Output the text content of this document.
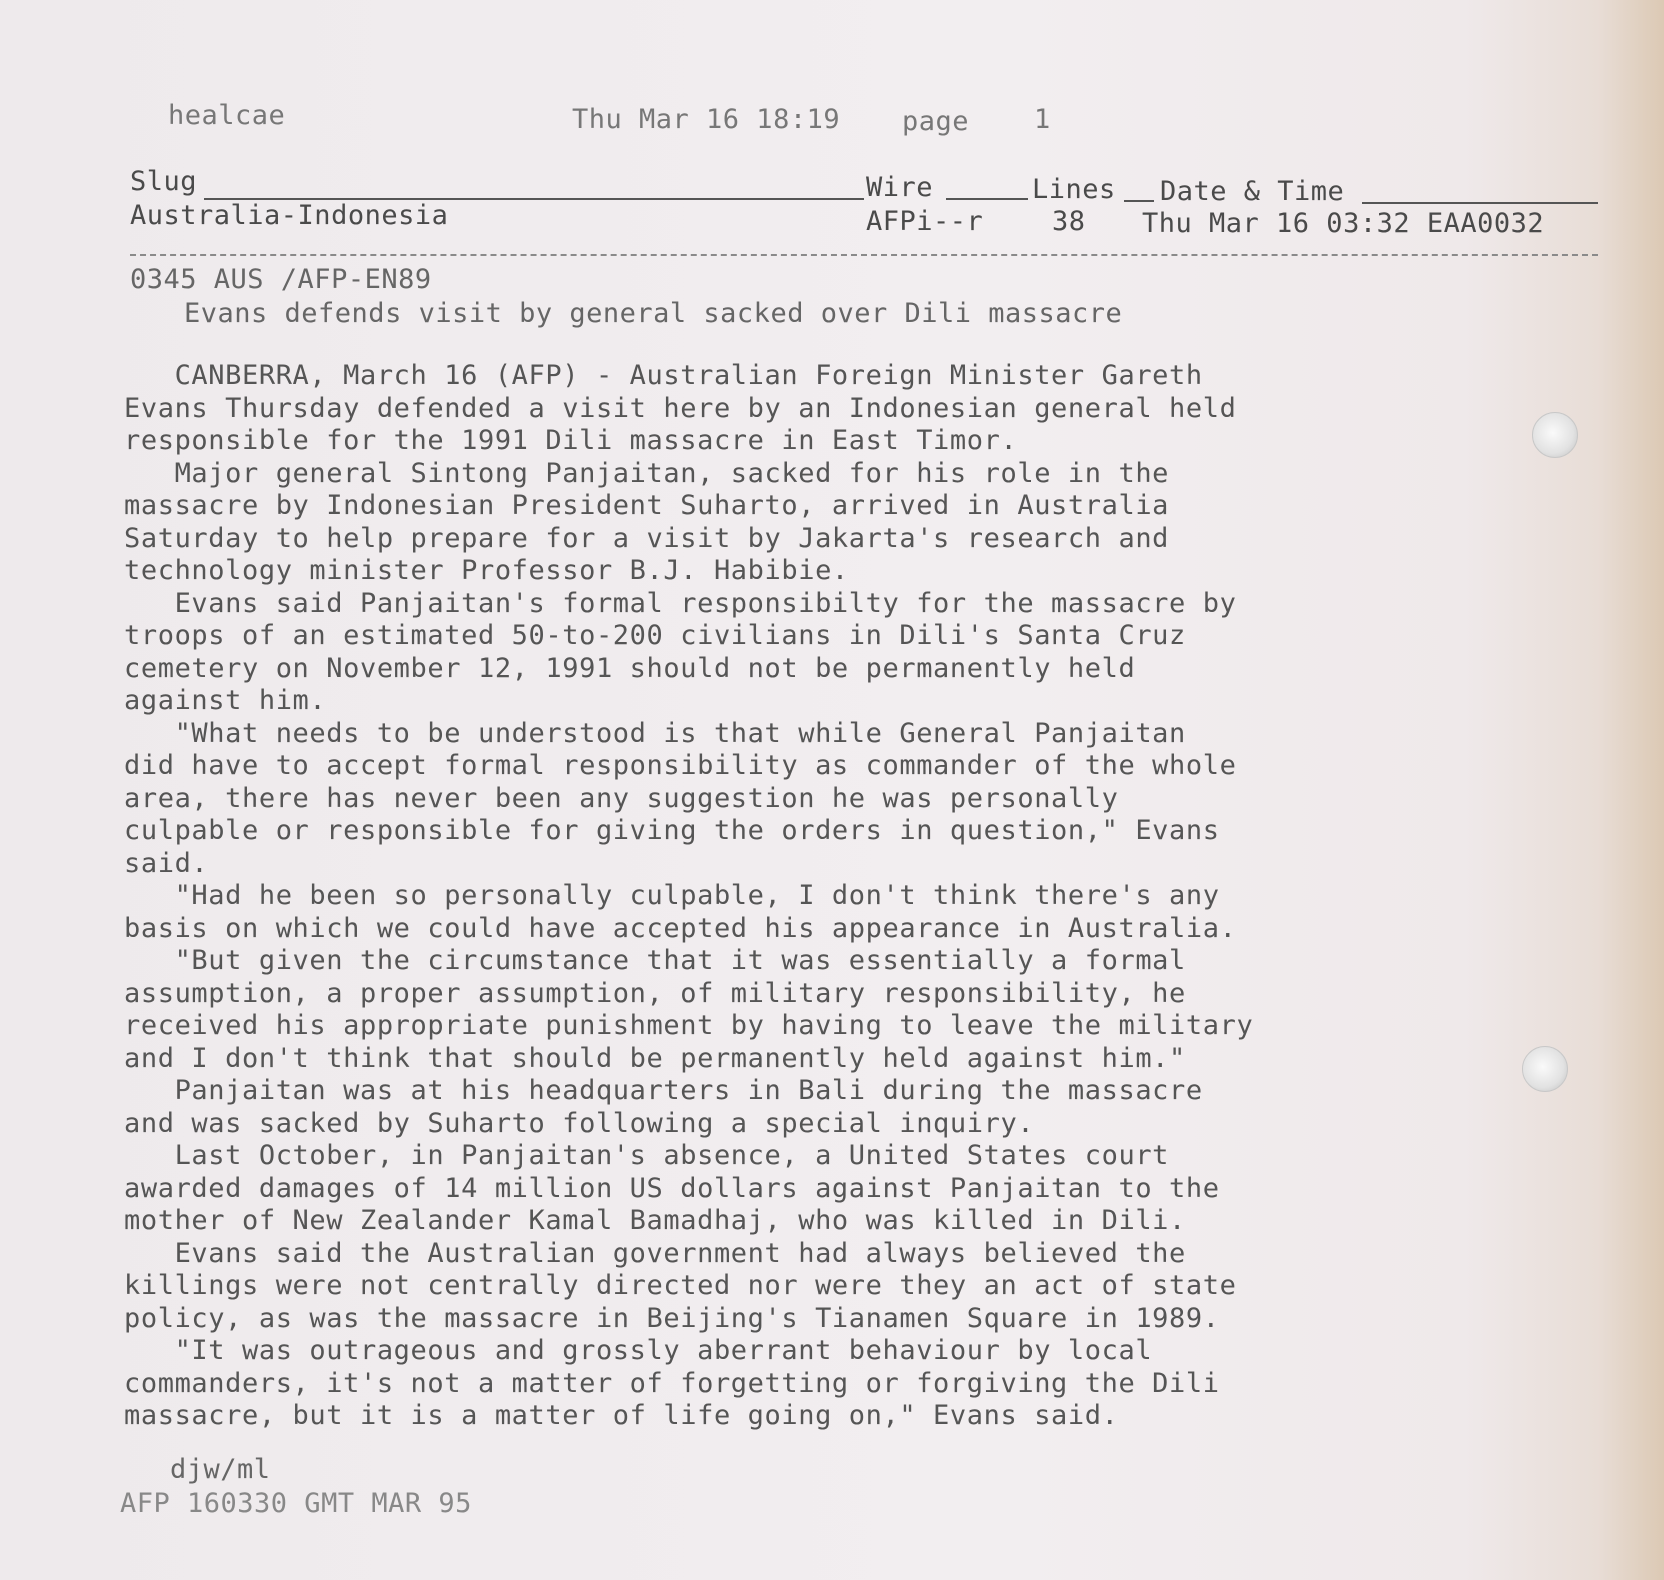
healcae	Thu Mar 16 18:19 page 1
Slug	Wire	Lines Date & Time
Australia-Indonesia	AFPi--r	38 Thu Mar 16 03:32 EAA0032
0345 AUS /AFP-EN89
Evans defends visit by general sacked over Dili massacre
CANBERRA, March 16 (AFP) - Australian Foreign Minister Gareth
Evans Thursday defended a visit here by an Indonesian general held
responsible for the 1991 Dili massacre in East Timor.
Major general Sintong Panjaitan, sacked for his role in the
massacre by Indonesian President Suharto, arrived in Australia
Saturday to help prepare for a visit by Jakarta's research and
technology minister Professor B.J. Habibie.
Evans said Panjaitan's formal responsibilty for the massacre by
troops of an estimated 50-to-200 civilians in Dili's Santa Cruz
cemetery on November 12, 1991 should not be permanently held
against him.
"What needs to be understood is that while General Panjaitan
did have to accept formal responsibility as commander of the whole
area, there has never been any suggestion he was personally
culpable or responsible for giving the orders in question," Evans
said.
"Had he been so personally culpable, I don't think there's any
basis on which we could have accepted his appearance in Australia.
"But given the circumstance that it was essentially a formal
assumption, a proper assumption, of military responsibility, he
received his appropriate punishment by having to leave the military
and I don't think that should be permanently held against him."
Panjaitan was at his headquarters in Bali during the massacre
and was sacked by Suharto following a special inquiry.
Last October, in Panjaitan's absence, a United States court
awarded damages of 14 million US dollars against Panjaitan to the
mother of New Zealander Kamal Bamadhaj, who was killed in Dili.
Evans said the Australian government had always believed the
killings were not centrally directed nor were they an act of state
policy, as was the massacre in Beijing's Tianamen Square in 1989.
"It was outrageous and grossly aberrant behaviour by local
commanders, it's not a matter of forgetting or forgiving the Dili
massacre, but it is a matter of life going on," Evans said.
djw/ml
AFP 160330 GMT MAR 95
